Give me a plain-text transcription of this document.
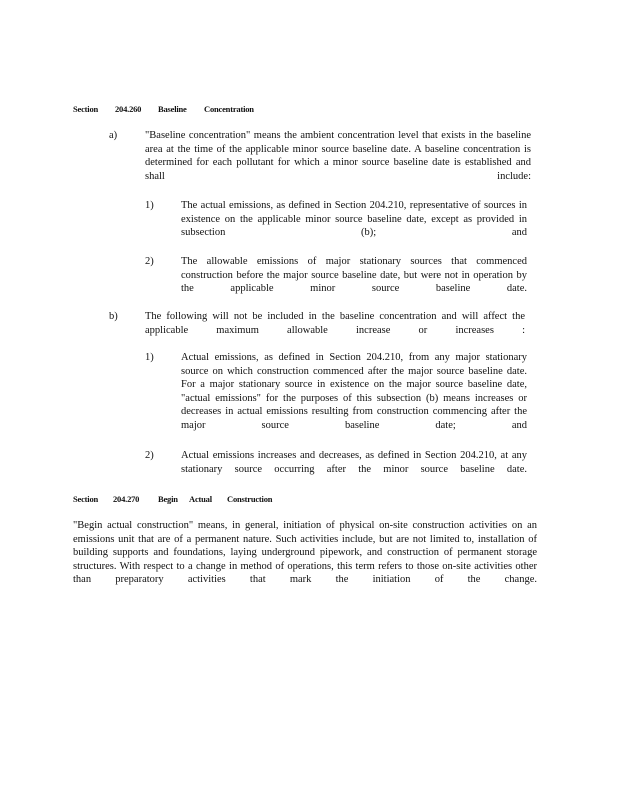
Section 204.260 Baseline Concentration
a)	"Baseline concentration" means the ambient concentration level that exists in the baseline area at the time of the applicable minor source baseline date. A baseline concentration is determined for each pollutant for which a minor source baseline date is established and shall include:
1)	The actual emissions, as defined in Section 204.210, representative of sources in existence on the applicable minor source baseline date, except as provided in subsection (b); and
2)	The allowable emissions of major stationary sources that commenced construction before the major source baseline date, but were not in operation by the applicable minor source baseline date.
b)	The following will not be included in the baseline concentration and will affect the applicable maximum allowable increase or increases :
1)	Actual emissions, as defined in Section 204.210, from any major stationary source on which construction commenced after the major source baseline date. For a major stationary source in existence on the major source baseline date, "actual emissions" for the purposes of this subsection (b) means increases or decreases in actual emissions resulting from construction commencing after the major source baseline date; and
2)	Actual emissions increases and decreases, as defined in Section 204.210, at any stationary source occurring after the minor source baseline date.
Section 204.270 Begin Actual Construction
"Begin actual construction" means, in general, initiation of physical on-site construction activities on an emissions unit that are of a permanent nature. Such activities include, but are not limited to, installation of building supports and foundations, laying underground pipework, and construction of permanent storage structures. With respect to a change in method of operations, this term refers to those on-site activities other than preparatory activities that mark the initiation of the change.
